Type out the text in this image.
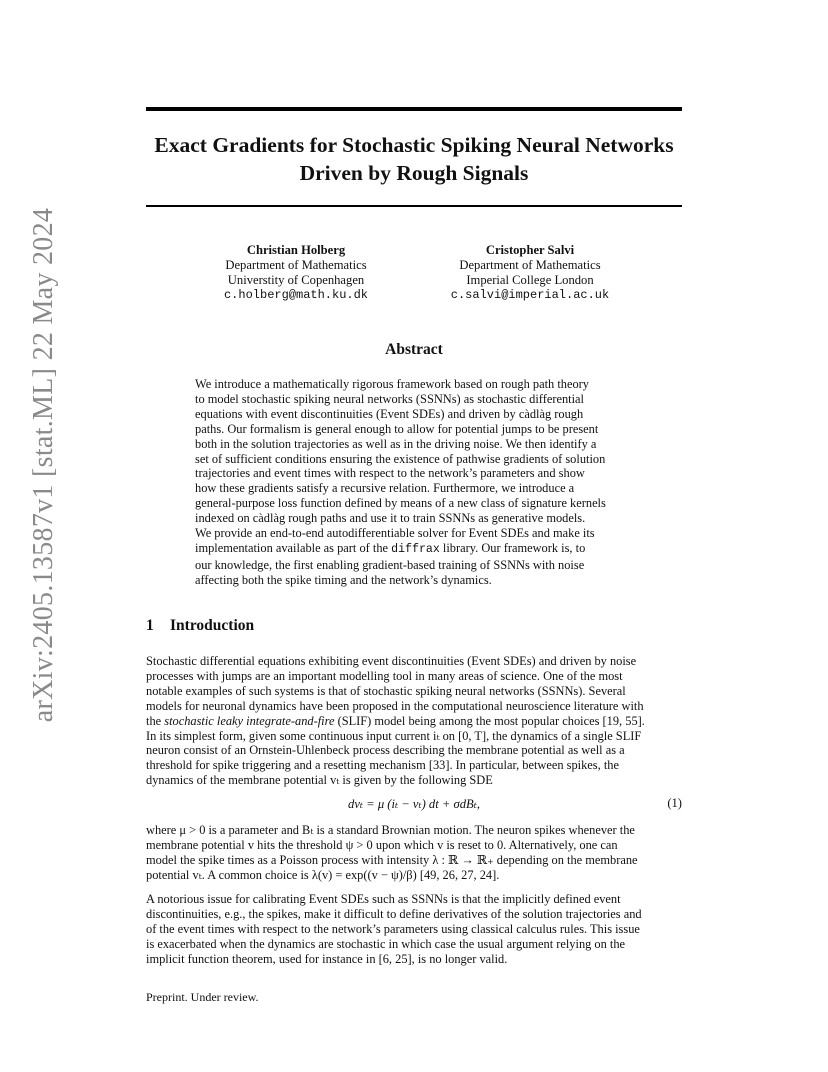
arXiv:2405.13587v1 [stat.ML] 22 May 2024
Exact Gradients for Stochastic Spiking Neural Networks Driven by Rough Signals
Christian Holberg
Department of Mathematics
Universtity of Copenhagen
c.holberg@math.ku.dk
Cristopher Salvi
Department of Mathematics
Imperial College London
c.salvi@imperial.ac.uk
Abstract

We introduce a mathematically rigorous framework based on rough path theory
to model stochastic spiking neural networks (SSNNs) as stochastic differential
equations with event discontinuities (Event SDEs) and driven by càdlàg rough
paths. Our formalism is general enough to allow for potential jumps to be present
both in the solution trajectories as well as in the driving noise. We then identify a
set of sufficient conditions ensuring the existence of pathwise gradients of solution
trajectories and event times with respect to the network’s parameters and show
how these gradients satisfy a recursive relation. Furthermore, we introduce a
general-purpose loss function defined by means of a new class of signature kernels
indexed on càdlàg rough paths and use it to train SSNNs as generative models.
We provide an end-to-end autodifferentiable solver for Event SDEs and make its
implementation available as part of the diffrax library. Our framework is, to
our knowledge, the first enabling gradient-based training of SSNNs with noise
affecting both the spike timing and the network’s dynamics.

1 Introduction

Stochastic differential equations exhibiting event discontinuities (Event SDEs) and driven by noise
processes with jumps are an important modelling tool in many areas of science. One of the most
notable examples of such systems is that of stochastic spiking neural networks (SSNNs). Several
models for neuronal dynamics have been proposed in the computational neuroscience literature with
the stochastic leaky integrate-and-fire (SLIF) model being among the most popular choices [19, 55].
In its simplest form, given some continuous input current iₜ on [0, T], the dynamics of a single SLIF
neuron consist of an Ornstein-Uhlenbeck process describing the membrane potential as well as a
threshold for spike triggering and a resetting mechanism [33]. In particular, between spikes, the
dynamics of the membrane potential vₜ is given by the following SDE

dvₜ = μ (iₜ − vₜ) dt + σdBₜ,	(1)

where μ > 0 is a parameter and Bₜ is a standard Brownian motion. The neuron spikes whenever the
membrane potential v hits the threshold ψ > 0 upon which v is reset to 0. Alternatively, one can
model the spike times as a Poisson process with intensity λ : ℝ → ℝ₊ depending on the membrane
potential vₜ. A common choice is λ(v) = exp((v − ψ)/β) [49, 26, 27, 24].

A notorious issue for calibrating Event SDEs such as SSNNs is that the implicitly defined event
discontinuities, e.g., the spikes, make it difficult to define derivatives of the solution trajectories and
of the event times with respect to the network’s parameters using classical calculus rules. This issue
is exacerbated when the dynamics are stochastic in which case the usual argument relying on the
implicit function theorem, used for instance in [6, 25], is no longer valid.

Preprint. Under review.
